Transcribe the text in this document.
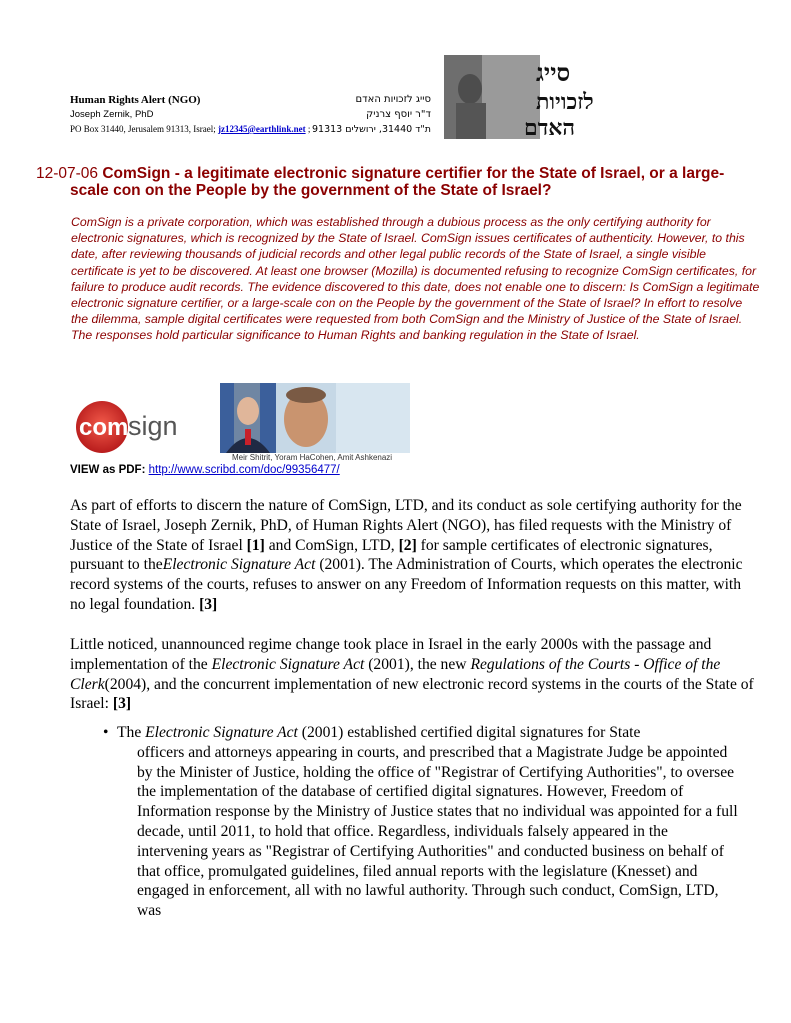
Human Rights Alert (NGO)
Joseph Zernik, PhD
PO Box 31440, Jerusalem 91313, Israel; jz12345@earthlink.net ;
סייג לזכויות האדם
ד"ר יוסף צרניק
ת"ד 31440, ירושלים 91313
סייג
לזכויות
האדם
12-07-06 ComSign - a legitimate electronic signature certifier for the State of Israel, or a large-
scale con on the People by the government of the State of Israel?
ComSign is a private corporation, which was established through a dubious process as the only certifying authority for electronic signatures, which is recognized by the State of Israel. ComSign issues certificates of authenticity. However, to this date, after reviewing thousands of judicial records and other legal public records of the State of Israel, a single visible certificate is yet to be discovered. At least one browser (Mozilla) is documented refusing to recognize ComSign certificates, for failure to produce audit records. The evidence discovered to this date, does not enable one to discern: Is ComSign a legitimate electronic signature certifier, or a large-scale con on the People by the government of the State of Israel? In effort to resolve the dilemma, sample digital certificates were requested from both ComSign and the Ministry of Justice of the State of Israel. The responses hold particular significance to Human Rights and banking regulation in the State of Israel.
com sign
Meir Shitrit, Yoram HaCohen, Amit Ashkenazi
VIEW as PDF: http://www.scribd.com/doc/99356477/
As part of efforts to discern the nature of ComSign, LTD, and its conduct as sole certifying authority for the State of Israel, Joseph Zernik, PhD, of Human Rights Alert (NGO), has filed requests with the Ministry of Justice of the State of Israel [1] and ComSign, LTD, [2] for sample certificates of electronic signatures, pursuant to theElectronic Signature Act (2001). The Administration of Courts, which operates the electronic record systems of the courts, refuses to answer on any Freedom of Information requests on this matter, with no legal foundation. [3]
Little noticed, unannounced regime change took place in Israel in the early 2000s with the passage and implementation of the Electronic Signature Act (2001), the new Regulations of the Courts - Office of the Clerk(2004), and the concurrent implementation of new electronic record systems in the courts of the State of Israel: [3]
• The Electronic Signature Act (2001) established certified digital signatures for State
officers and attorneys appearing in courts, and prescribed that a Magistrate Judge be appointed by the Minister of Justice, holding the office of "Registrar of Certifying Authorities", to oversee the implementation of the database of certified digital signatures. However, Freedom of Information response by the Ministry of Justice states that no individual was appointed for a full decade, until 2011, to hold that office. Regardless, individuals falsely appeared in the intervening years as "Registrar of Certifying Authorities" and conducted business on behalf of that office, promulgated guidelines, filed annual reports with the legislature (Knesset) and engaged in enforcement, all with no lawful authority. Through such conduct, ComSign, LTD, was
